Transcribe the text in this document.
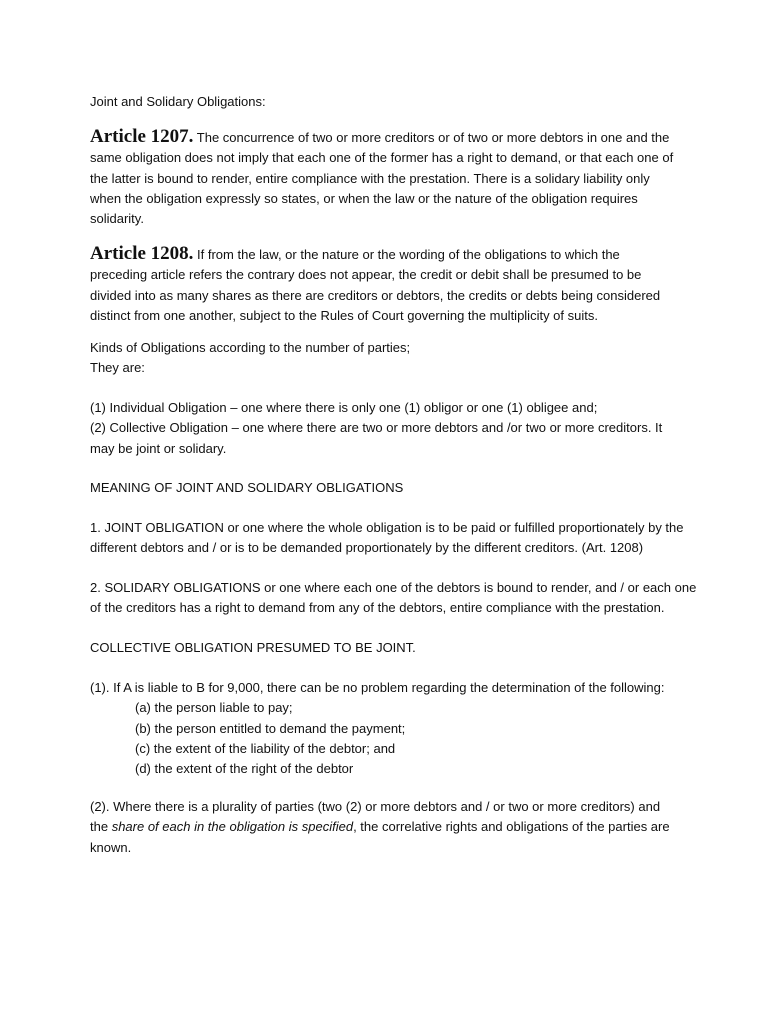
Joint and Solidary Obligations:
Article 1207. The concurrence of two or more creditors or of two or more debtors in one and the
same obligation does not imply that each one of the former has a right to demand, or that each one of
the latter is bound to render, entire compliance with the prestation. There is a solidary liability only
when the obligation expressly so states, or when the law or the nature of the obligation requires
solidarity.
Article 1208. If from the law, or the nature or the wording of the obligations to which the
preceding article refers the contrary does not appear, the credit or debit shall be presumed to be
divided into as many shares as there are creditors or debtors, the credits or debts being considered
distinct from one another, subject to the Rules of Court governing the multiplicity of suits.
Kinds of Obligations according to the number of parties;
They are:
(1) Individual Obligation – one where there is only one (1) obligor or one (1) obligee and;
(2) Collective Obligation – one where there are two or more debtors and /or two or more creditors. It
may be joint or solidary.
MEANING OF JOINT AND SOLIDARY OBLIGATIONS
1. JOINT OBLIGATION or one where the whole obligation is to be paid or fulfilled proportionately by the
different debtors and / or is to be demanded proportionately by the different creditors. (Art. 1208)
2. SOLIDARY OBLIGATIONS or one where each one of the debtors is bound to render, and / or each one
of the creditors has a right to demand from any of the debtors, entire compliance with the prestation.
COLLECTIVE OBLIGATION PRESUMED TO BE JOINT.
(1). If A is liable to B for 9,000, there can be no problem regarding the determination of the following:
(a) the person liable to pay;
(b) the person entitled to demand the payment;
(c) the extent of the liability of the debtor; and
(d) the extent of the right of the debtor
(2). Where there is a plurality of parties (two (2) or more debtors and / or two or more creditors) and
the share of each in the obligation is specified, the correlative rights and obligations of the parties are
known.
